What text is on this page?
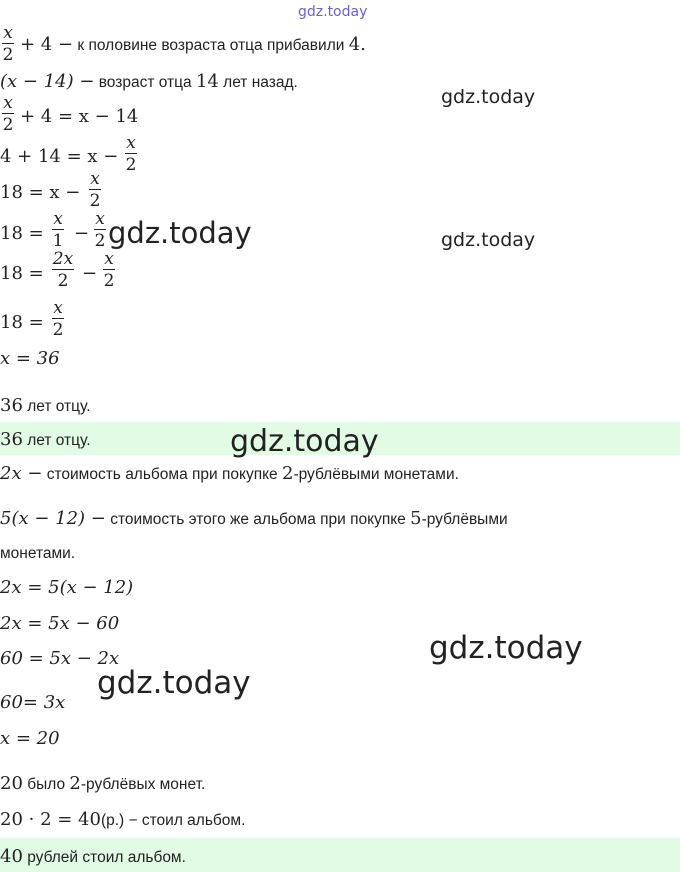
gdz.today
x
2 + 4 − к половине возраста отца прибавили 4.
(x − 14) − возраст отца 14 лет назад.
x
2 + 4 = x − 14
4 + 14 = x −
x
2
18 = x −
x
2
18 =
x
1 −
x
2
18 =
2x
2 −
x
2
18 =
x
2
x = 36
36 лет отцу.
36 лет отцу.
2x − стоимость альбома при покупке 2-рублёвыми монетами.
5(x − 12) − стоимость этого же альбома при покупке 5-рублёвыми
монетами.
2x = 5(x − 12)
2x = 5x − 60
60 = 5x − 2x
60= 3x
x = 20
20 было 2-рублёвых монет.
20 · 2 = 40(р.) − стоил альбом.
40 рублей стоил альбом.
gdz.today
gdz.today	gdz.today
gdz.today
gdz.today
gdz.today
